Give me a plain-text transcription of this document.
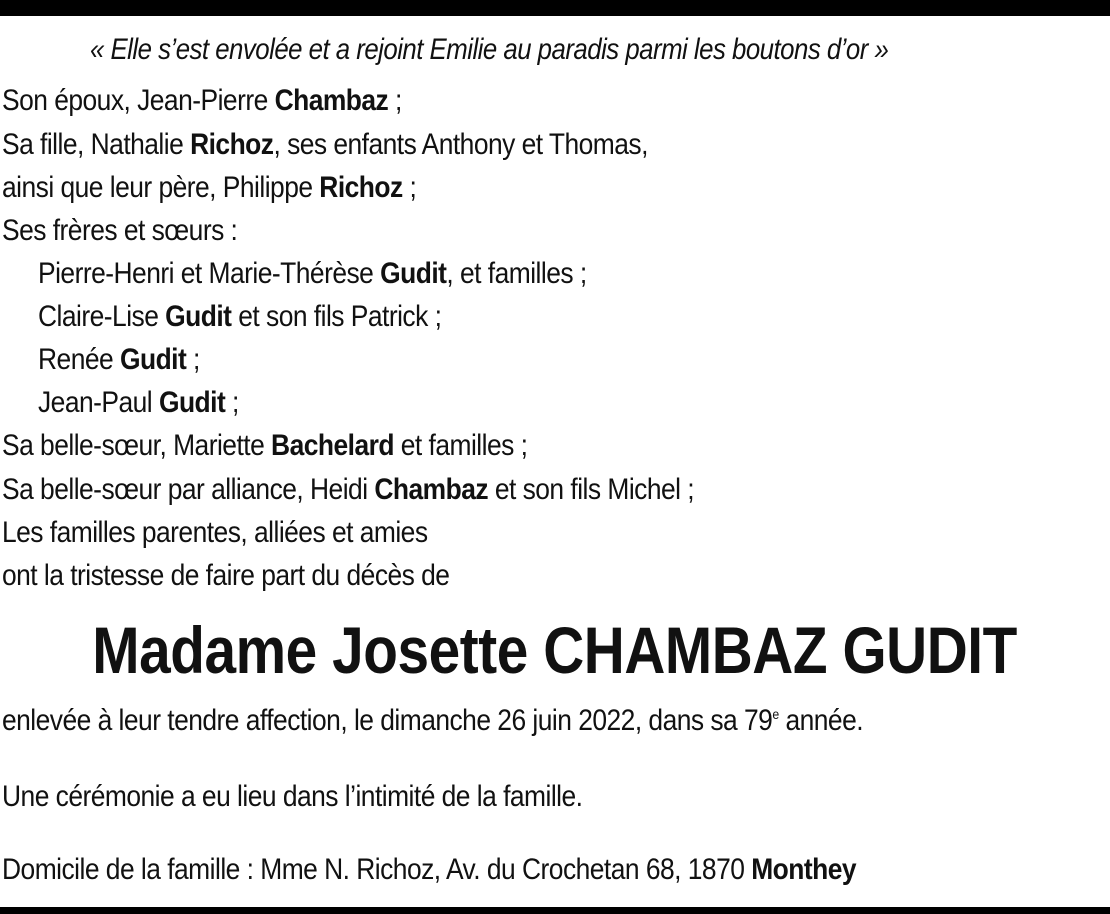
« Elle s’est envolée et a rejoint Emilie au paradis parmi les boutons d’or »
Son époux, Jean-Pierre Chambaz ;
Sa fille, Nathalie Richoz, ses enfants Anthony et Thomas,
ainsi que leur père, Philippe Richoz ;
Ses frères et sœurs :
Pierre-Henri et Marie-Thérèse Gudit, et familles ;
Claire-Lise Gudit et son fils Patrick ;
Renée Gudit ;
Jean-Paul Gudit ;
Sa belle-sœur, Mariette Bachelard et familles ;
Sa belle-sœur par alliance, Heidi Chambaz et son fils Michel ;
Les familles parentes, alliées et amies
ont la tristesse de faire part du décès de
Madame Josette CHAMBAZ GUDIT
enlevée à leur tendre affection, le dimanche 26 juin 2022, dans sa 79e année.
Une cérémonie a eu lieu dans l’intimité de la famille.
Domicile de la famille : Mme N. Richoz, Av. du Crochetan 68, 1870 Monthey
